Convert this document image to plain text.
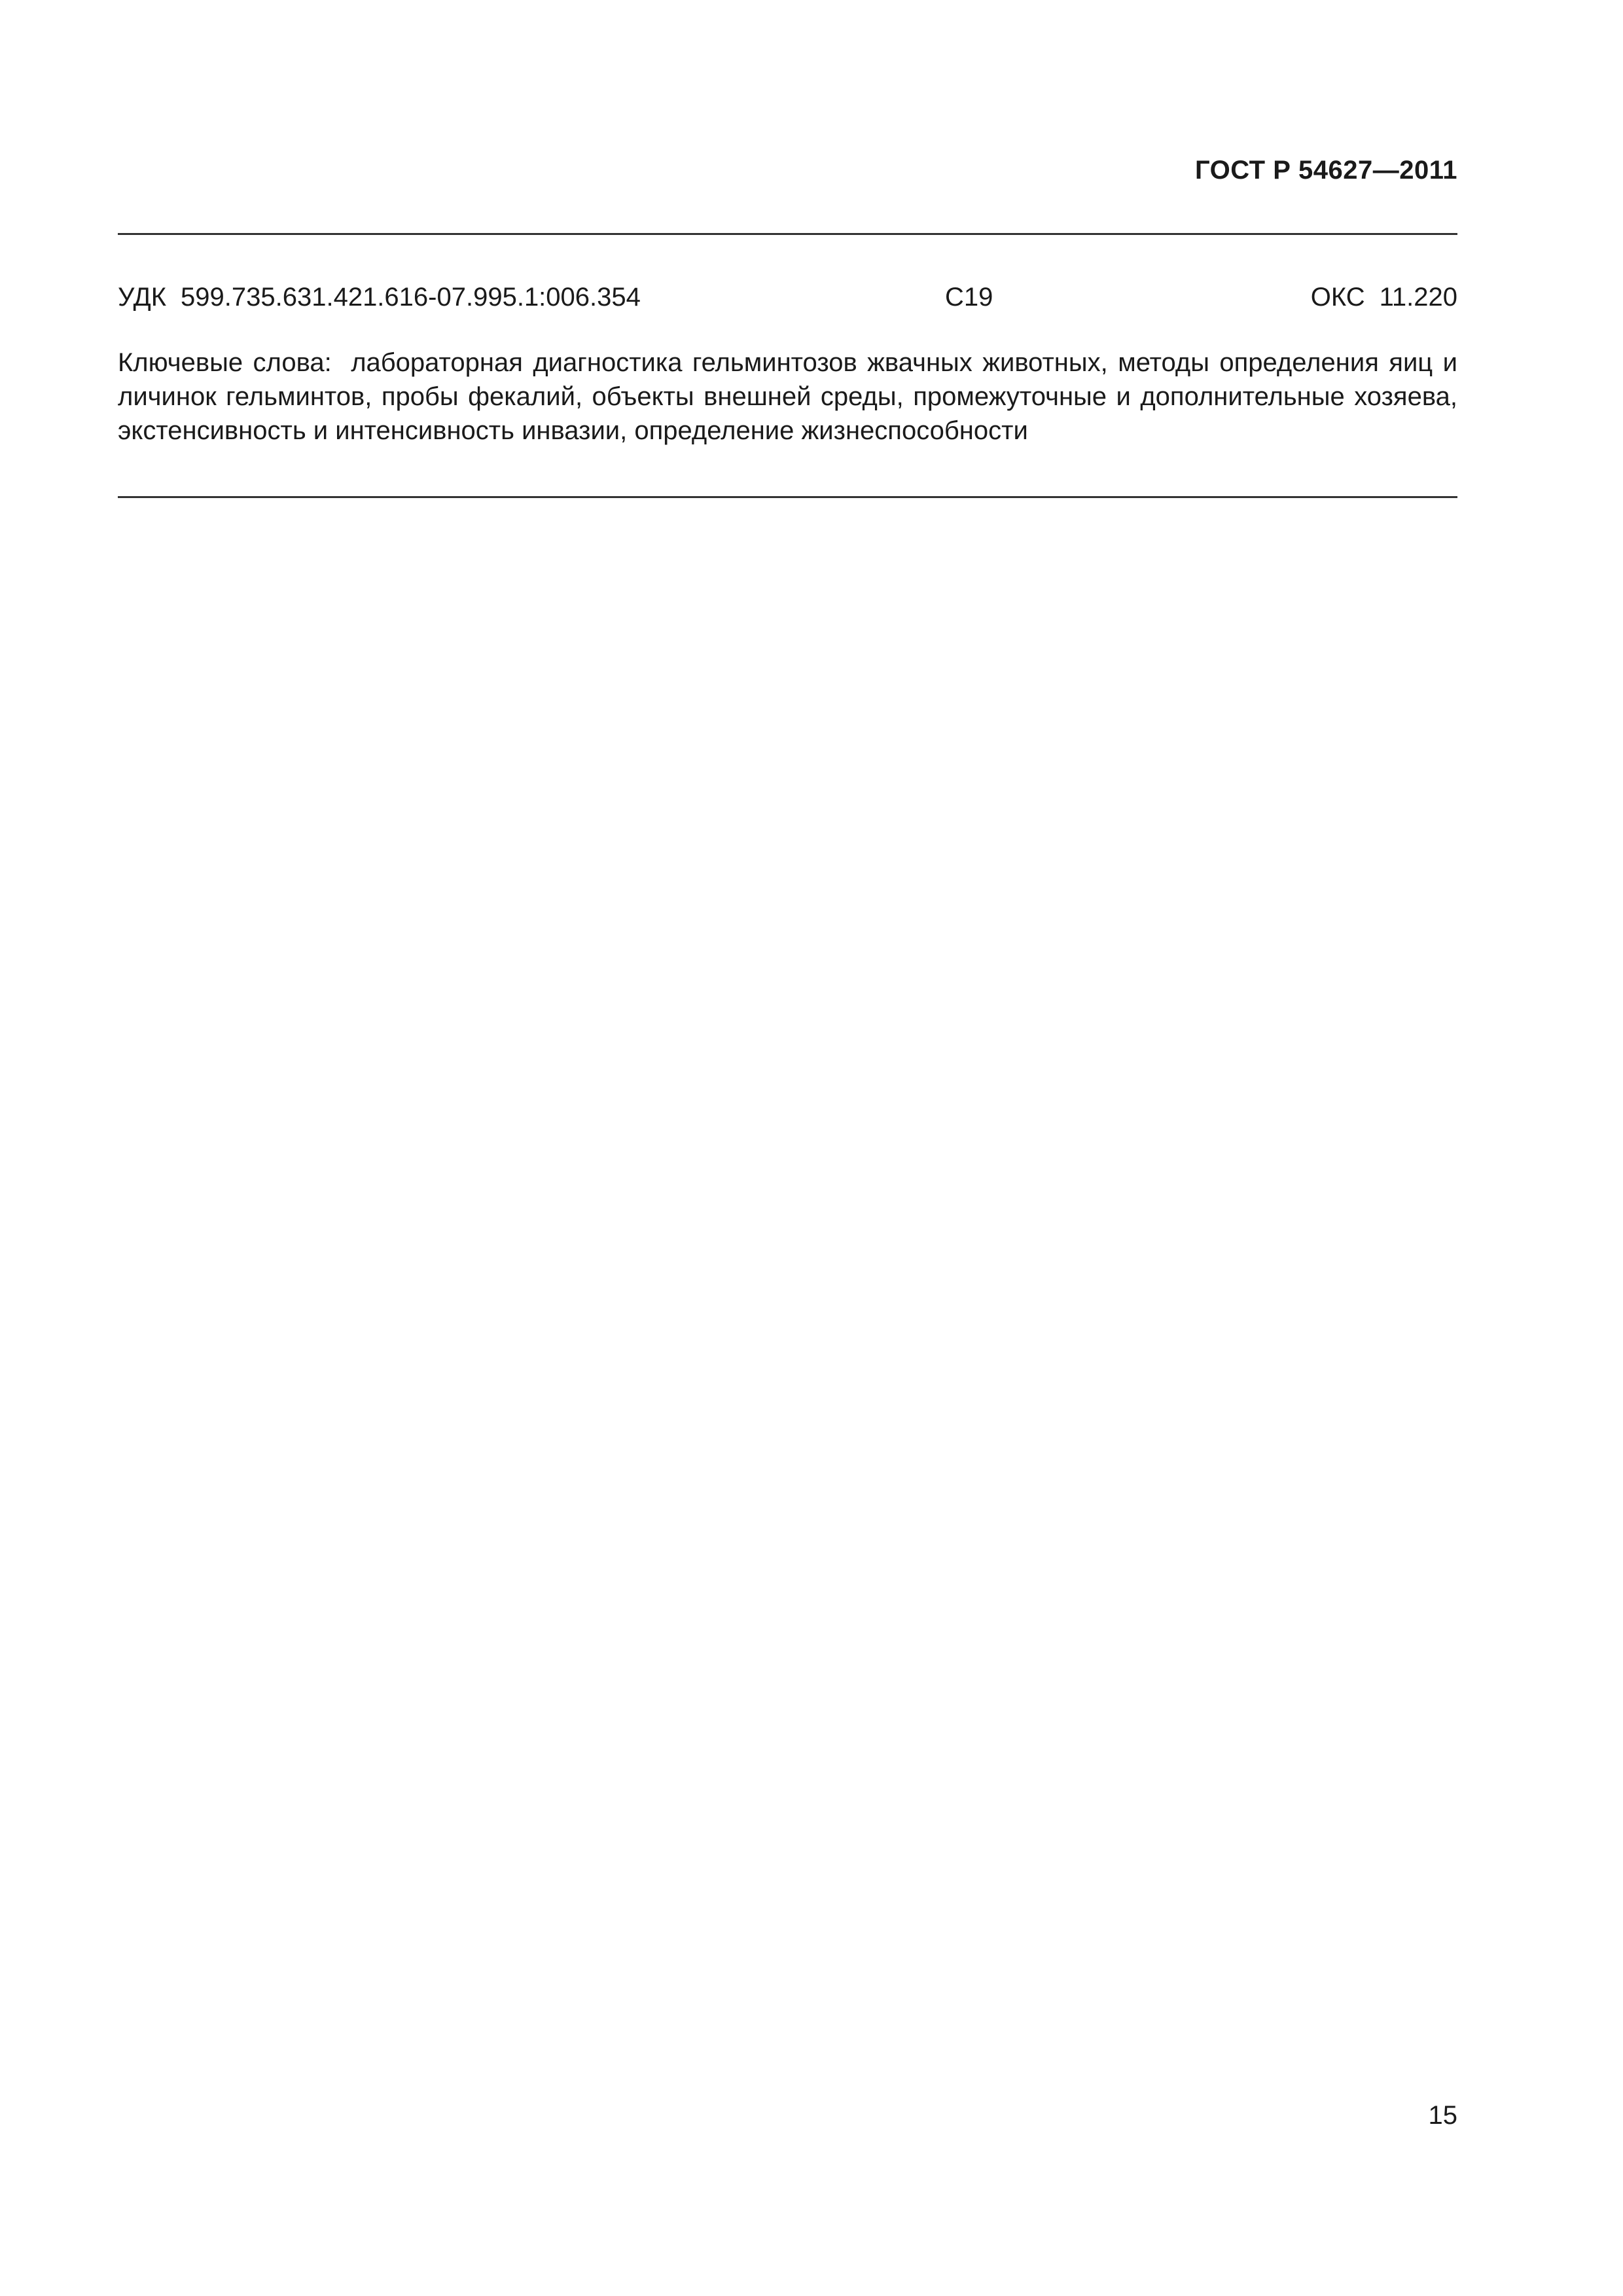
ГОСТ Р 54627—2011
УДК 599.735.631.421.616-07.995.1:006.354	С19	ОКС 11.220
Ключевые слова: лабораторная диагностика гельминтозов жвачных животных, методы определения яиц и личинок гельминтов, пробы фекалий, объекты внешней среды, промежуточные и дополнительные хозяева, экстенсивность и интенсивность инвазии, определение жизнеспособности
15
